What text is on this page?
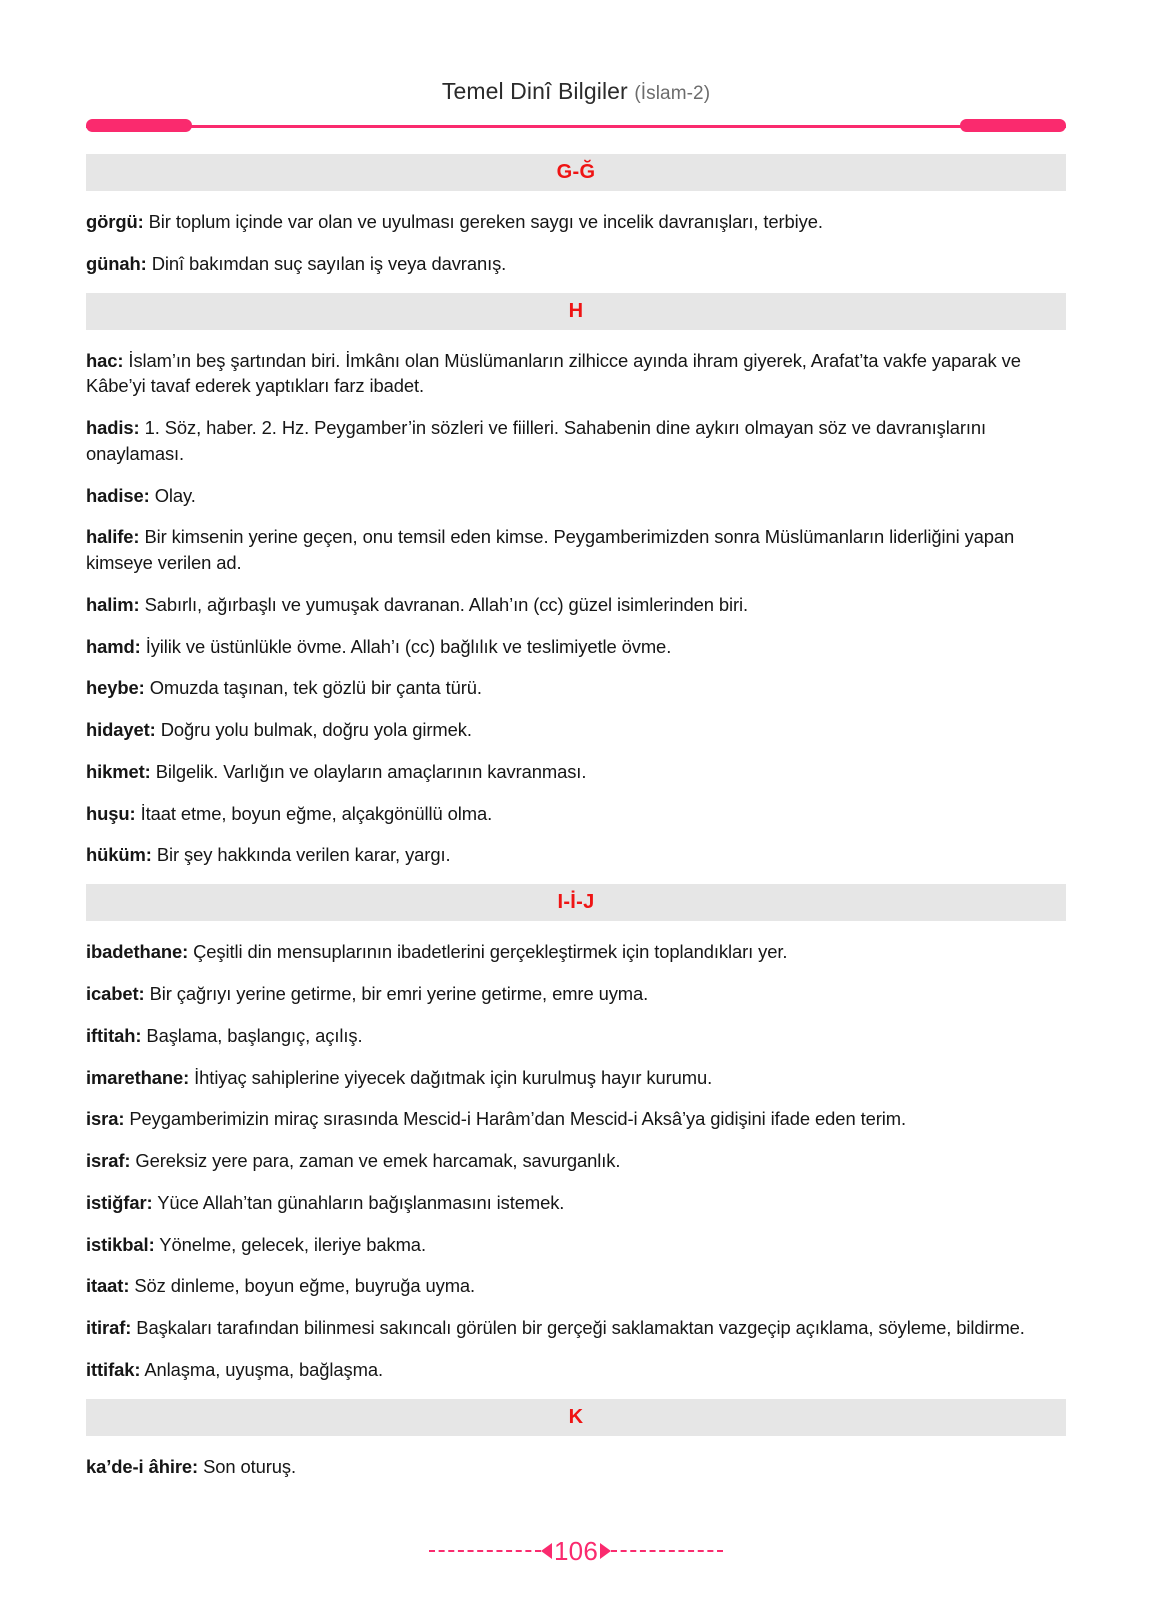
Temel Dinî Bilgiler (İslam-2)
G-Ğ

görgü: Bir toplum içinde var olan ve uyulması gereken saygı ve incelik davranışları, terbiye.

günah: Dinî bakımdan suç sayılan iş veya davranış.

H

hac: İslam’ın beş şartından biri. İmkânı olan Müslümanların zilhicce ayında ihram giyerek, Arafat’ta vakfe yaparak ve Kâbe’yi tavaf ederek yaptıkları farz ibadet.

hadis: 1. Söz, haber. 2. Hz. Peygamber’in sözleri ve fiilleri. Sahabenin dine aykırı olmayan söz ve davranışlarını onaylaması.

hadise: Olay.

halife: Bir kimsenin yerine geçen, onu temsil eden kimse. Peygamberimizden sonra Müslümanların liderliğini yapan kimseye verilen ad.

halim: Sabırlı, ağırbaşlı ve yumuşak davranan. Allah’ın (cc) güzel isimlerinden biri.

hamd: İyilik ve üstünlükle övme. Allah’ı (cc) bağlılık ve teslimiyetle övme.

heybe: Omuzda taşınan, tek gözlü bir çanta türü.

hidayet: Doğru yolu bulmak, doğru yola girmek.

hikmet: Bilgelik. Varlığın ve olayların amaçlarının kavranması.

huşu: İtaat etme, boyun eğme, alçakgönüllü olma.

hüküm: Bir şey hakkında verilen karar, yargı.

I-İ-J

ibadethane: Çeşitli din mensuplarının ibadetlerini gerçekleştirmek için toplandıkları yer.

icabet: Bir çağrıyı yerine getirme, bir emri yerine getirme, emre uyma.

iftitah: Başlama, başlangıç, açılış.

imarethane: İhtiyaç sahiplerine yiyecek dağıtmak için kurulmuş hayır kurumu.

isra: Peygamberimizin miraç sırasında Mescid-i Harâm’dan Mescid-i Aksâ’ya gidişini ifade eden terim.

israf: Gereksiz yere para, zaman ve emek harcamak, savurganlık.

istiğfar: Yüce Allah’tan günahların bağışlanmasını istemek.

istikbal: Yönelme, gelecek, ileriye bakma.

itaat: Söz dinleme, boyun eğme, buyruğa uyma.

itiraf: Başkaları tarafından bilinmesi sakıncalı görülen bir gerçeği saklamaktan vazgeçip açıklama, söyleme, bildirme.

ittifak: Anlaşma, uyuşma, bağlaşma.

K

ka’de-i âhire: Son oturuş.

106
